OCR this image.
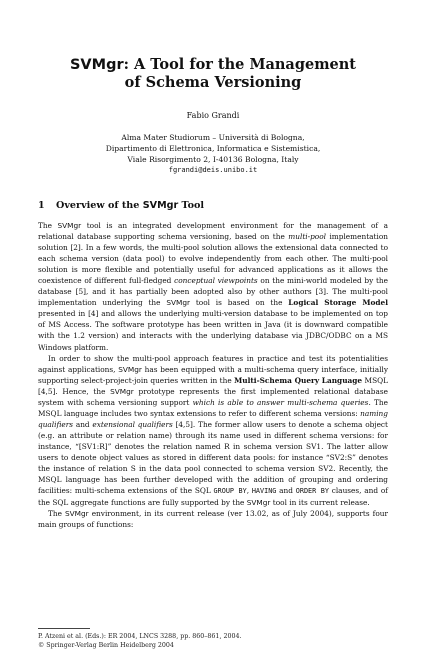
SVMgr: A Tool for the Management
of Schema Versioning
Fabio Grandi
Alma Mater Studiorum – Università di Bologna,
Dipartimento di Elettronica, Informatica e Sistemistica,
Viale Risorgimento 2, I-40136 Bologna, Italy
fgrandi@deis.unibo.it
1 Overview of the SVMgr Tool

The SVMgr tool is an integrated development environment for the management of a relational database supporting schema versioning, based on the multi-pool implementation solution [2]. In a few words, the multi-pool solution allows the extensional data connected to each schema version (data pool) to evolve independently from each other. The multi-pool solution is more flexible and potentially useful for advanced applications as it allows the coexistence of different full-fledged conceptual viewpoints on the mini-world modeled by the database [5], and it has partially been adopted also by other authors [3]. The multi-pool implementation underlying the SVMgr tool is based on the Logical Storage Model presented in [4] and allows the underlying multi-version database to be implemented on top of MS Access. The software prototype has been written in Java (it is downward compatible with the 1.2 version) and interacts with the underlying database via JDBC/ODBC on a MS Windows platform.

In order to show the multi-pool approach features in practice and test its potentialities against applications, SVMgr has been equipped with a multi-schema query interface, initially supporting select-project-join queries written in the Multi-Schema Query Language MSQL [4,5]. Hence, the SVMgr prototype represents the first implemented relational database system with schema versioning support which is able to answer multi-schema queries. The MSQL language includes two syntax extensions to refer to different schema versions: naming qualifiers and extensional qualifiers [4,5]. The former allow users to denote a schema object (e.g. an attribute or relation name) through its name used in different schema versions: for instance, “[SV1:R]” denotes the relation named R in schema version SV1. The latter allow users to denote object values as stored in different data pools: for instance “SV2:S” denotes the instance of relation S in the data pool connected to schema version SV2. Recently, the MSQL language has been further developed with the addition of grouping and ordering facilities: multi-schema extensions of the SQL GROUP BY, HAVING and ORDER BY clauses, and of the SQL aggregate functions are fully supported by the SVMgr tool in its current release.

The SVMgr environment, in its current release (ver 13.02, as of July 2004), supports four main groups of functions:

P. Atzeni et al. (Eds.): ER 2004, LNCS 3288, pp. 860–861, 2004.
© Springer-Verlag Berlin Heidelberg 2004
